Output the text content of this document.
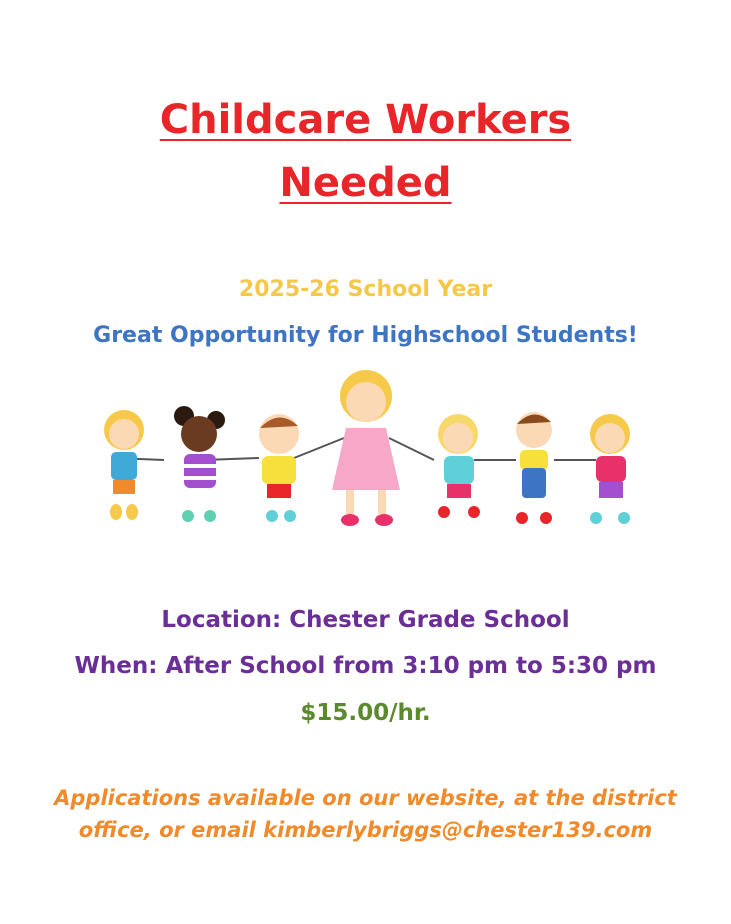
Childcare Workers
Needed
2025-26 School Year
Great Opportunity for Highschool Students!
Location: Chester Grade School
When: After School from 3:10 pm to 5:30 pm
$15.00/hr.
Applications available on our website, at the district
office, or email kimberlybriggs@chester139.com
